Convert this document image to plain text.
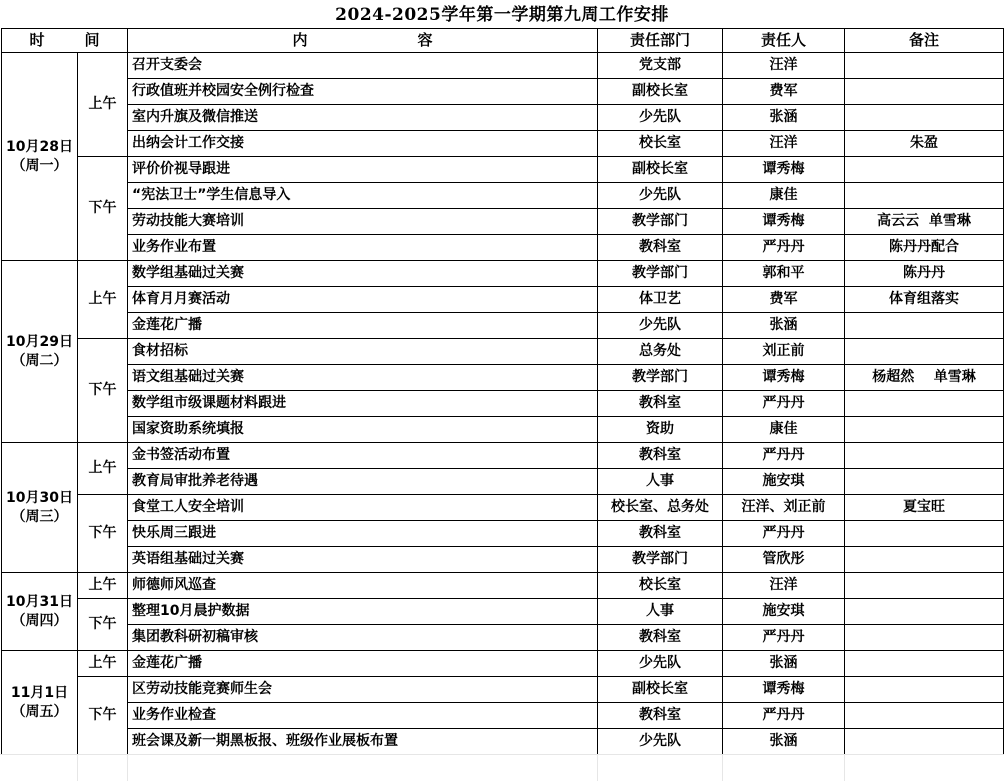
2024-2025学年第一学期第九周工作安排
时 间		内 容	责任部门	责任人	备注
10月28日
（周一）	上午	召开支委会	党支部	汪洋	
		行政值班并校园安全例行检查	副校长室	费军	
		室内升旗及微信推送	少先队	张涵	
		出纳会计工作交接	校长室	汪洋	朱盈
	下午	评价价视导跟进	副校长室	谭秀梅	
		“宪法卫士”学生信息导入	少先队	康佳	
		劳动技能大赛培训	教学部门	谭秀梅	高云云  单雪琳
		业务作业布置	教科室	严丹丹	陈丹丹配合
10月29日
（周二）	上午	数学组基础过关赛	教学部门	郭和平	陈丹丹
		体育月月赛活动	体卫艺	费军	体育组落实
		金莲花广播	少先队	张涵	
	下午	食材招标	总务处	刘正前	
		语文组基础过关赛	教学部门	谭秀梅	杨超然    单雪琳
		数学组市级课题材料跟进	教科室	严丹丹	
		国家资助系统填报	资助	康佳	
10月30日
（周三）	上午	金书签活动布置	教科室	严丹丹	
		教育局审批养老待遇	人事	施安琪	
	下午	食堂工人安全培训	校长室、总务处	汪洋、刘正前	夏宝旺
		快乐周三跟进	教科室	严丹丹	
		英语组基础过关赛	教学部门	管欣彤	
10月31日
（周四）	上午	师德师风巡查	校长室	汪洋	
	下午	整理10月晨护数据	人事	施安琪	
		集团教科研初稿审核	教科室	严丹丹	
11月1日
（周五）	上午	金莲花广播	少先队	张涵	
	下午	区劳动技能竞赛师生会	副校长室	谭秀梅	
		业务作业检查	教科室	严丹丹	
		班会课及新一期黑板报、班级作业展板布置	少先队	张涵	
